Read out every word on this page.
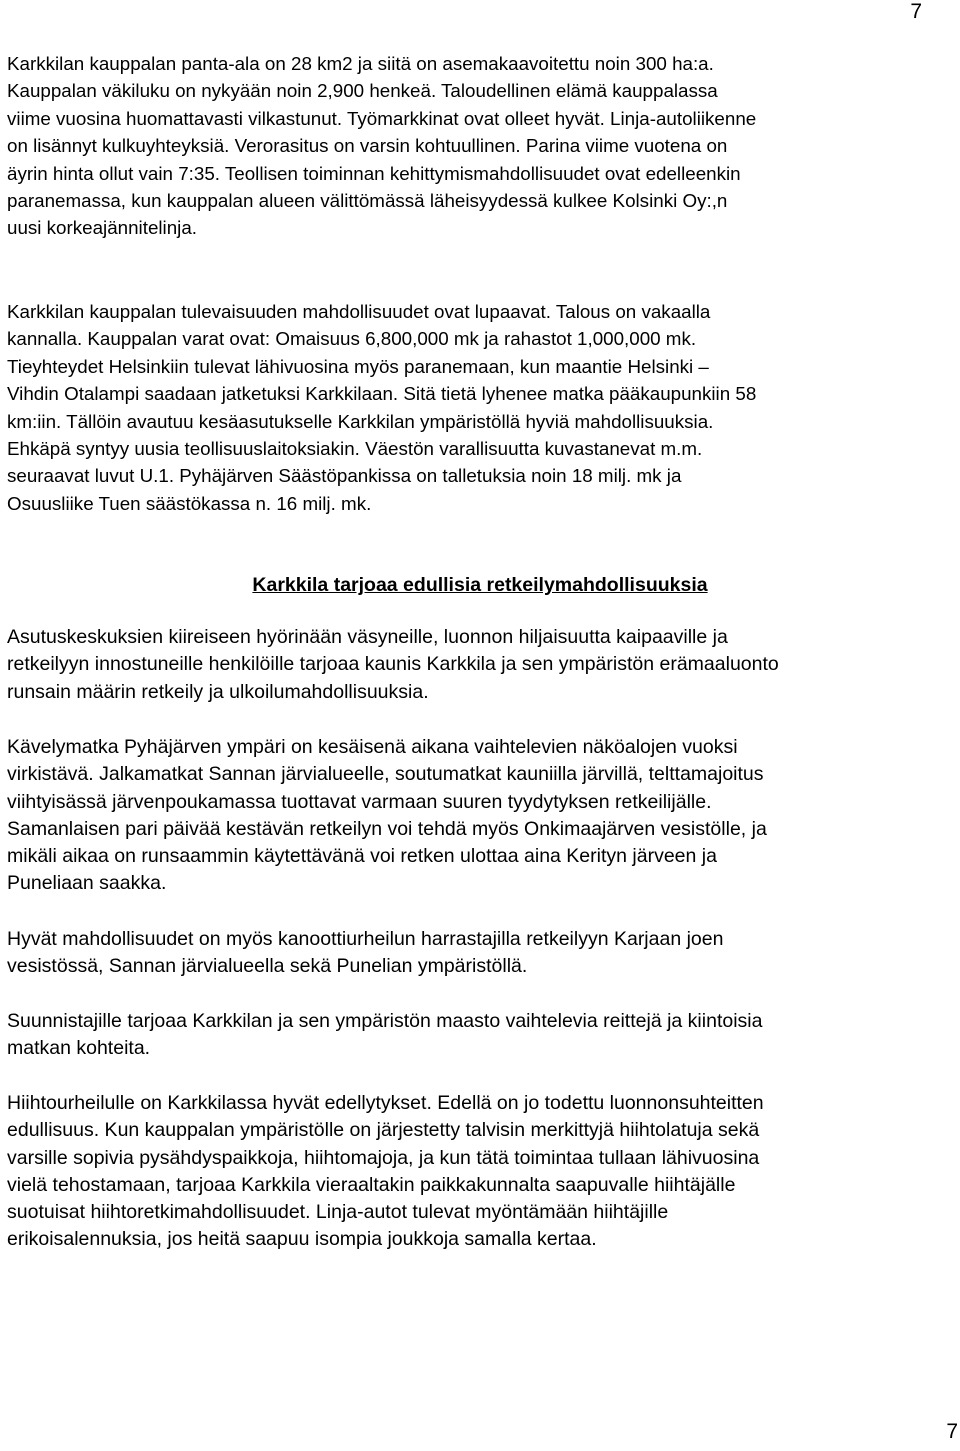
7

Karkkilan kauppalan panta-ala on 28 km2 ja siitä on asemakaavoitettu noin 300 ha:a.
Kauppalan väkiluku on nykyään noin 2,900 henkeä. Taloudellinen elämä kauppalassa
viime vuosina huomattavasti vilkastunut. Työmarkkinat ovat olleet hyvät. Linja-autoliikenne
on lisännyt kulkuyhteyksiä. Verorasitus on varsin kohtuullinen. Parina viime vuotena on
äyrin hinta ollut vain 7:35. Teollisen toiminnan kehittymismahdollisuudet ovat edelleenkin
paranemassa, kun kauppalan alueen välittömässä läheisyydessä kulkee Kolsinki Oy:,n
uusi korkeajännitelinja.

Karkkilan kauppalan tulevaisuuden mahdollisuudet ovat lupaavat. Talous on vakaalla
kannalla. Kauppalan varat ovat: Omaisuus 6,800,000 mk ja rahastot 1,000,000 mk.
Tieyhteydet Helsinkiin tulevat lähivuosina myös paranemaan, kun maantie Helsinki –
Vihdin Otalampi saadaan jatketuksi Karkkilaan. Sitä tietä lyhenee matka pääkaupunkiin 58
km:iin. Tällöin avautuu kesäasutukselle Karkkilan ympäristöllä hyviä mahdollisuuksia.
Ehkäpä syntyy uusia teollisuuslaitoksiakin. Väestön varallisuutta kuvastanevat m.m.
seuraavat luvut U.1. Pyhäjärven Säästöpankissa on talletuksia noin 18 milj. mk ja
Osuusliike Tuen säästökassa n. 16 milj. mk.

Karkkila tarjoaa edullisia retkeilymahdollisuuksia

Asutuskeskuksien kiireiseen hyörinään väsyneille, luonnon hiljaisuutta kaipaaville ja
retkeilyyn innostuneille henkilöille tarjoaa kaunis Karkkila ja sen ympäristön erämaaluonto
runsain määrin retkeily ja ulkoilumahdollisuuksia.

Kävelymatka Pyhäjärven ympäri on kesäisenä aikana vaihtelevien näköalojen vuoksi
virkistävä. Jalkamatkat Sannan järvialueelle, soutumatkat kauniilla järvillä, telttamajoitus
viihtyisässä järvenpoukamassa tuottavat varmaan suuren tyydytyksen retkeilijälle.
Samanlaisen pari päivää kestävän retkeilyn voi tehdä myös Onkimaajärven vesistölle, ja
mikäli aikaa on runsaammin käytettävänä voi retken ulottaa aina Kerityn järveen ja
Puneliaan saakka.

Hyvät mahdollisuudet on myös kanoottiurheilun harrastajilla retkeilyyn Karjaan joen
vesistössä, Sannan järvialueella sekä Punelian ympäristöllä.

Suunnistajille tarjoaa Karkkilan ja sen ympäristön maasto vaihtelevia reittejä ja kiintoisia
matkan kohteita.

Hiihtourheilulle on Karkkilassa hyvät edellytykset. Edellä on jo todettu luonnonsuhteitten
edullisuus. Kun kauppalan ympäristölle on järjestetty talvisin merkittyjä hiihtolatuja sekä
varsille sopivia pysähdyspaikkoja, hiihtomajoja, ja kun tätä toimintaa tullaan lähivuosina
vielä tehostamaan, tarjoaa Karkkila vieraaltakin paikkakunnalta saapuvalle hiihtäjälle
suotuisat hiihtoretkimahdollisuudet. Linja-autot tulevat myöntämään hiihtäjille
erikoisalennuksia, jos heitä saapuu isompia joukkoja samalla kertaa.

7
